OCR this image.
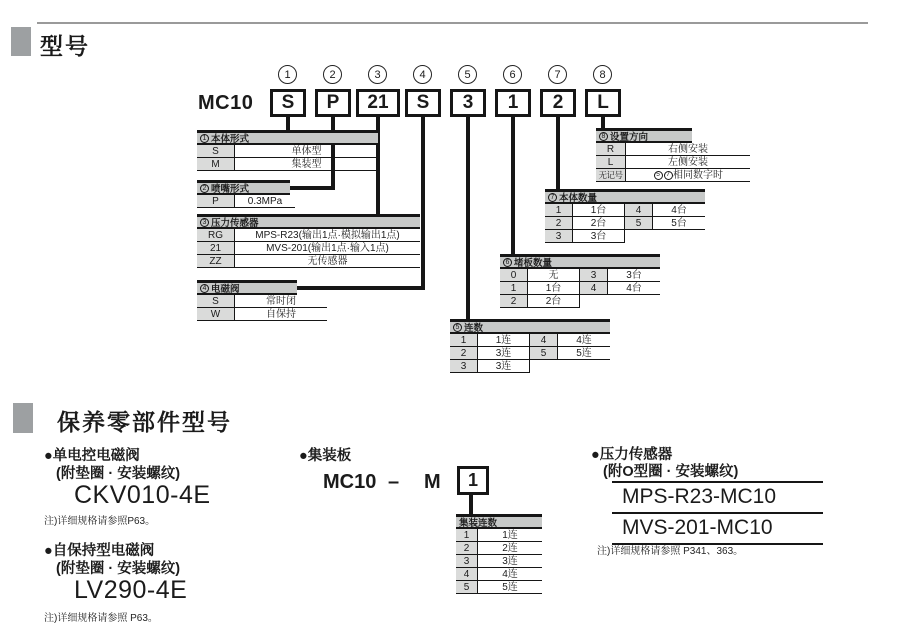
型号
MC10
1
S
2
P
3
21
4
S
5
3
6
1
7
2
8
L
保养零部件型号
●单电控电磁阀
(附垫圈 · 安装螺纹)
CKV010-4E
注)详细规格请参照P63。
●自保持型电磁阀
(附垫圈 · 安装螺纹)
LV290-4E
注)详细规格请参照 P63。
●集装板
MC10 – M	1
●压力传感器
(附O型圈 · 安装螺纹)
MPS-R23-MC10
MVS-201-MC10
注)详细规格请参照 P341、363。
1 本体形式
S	单体型
M	集装型
2 喷嘴形式
P	0.3MPa
3 压力传感器
RG	MPS-R23(输出1点·模拟输出1点)
21	MVS-201(输出1点·输入1点)
ZZ	无传感器
4 电磁阀
S	常时闭
W	自保持
5 连数
1	1连	4	4连
2	3连	5	5连
3	3连
6 堵板数量
0	无	3	3台
1	1台	4	4台
2	2台
7 本体数量
1	1台	4	4台
2	2台	5	5台
3	3台
8 设置方向
R	右侧安装
L	左侧安装
无记号	5 7 相同数字时
集装连数
1	1连
2	2连
3	3连
4	4连
5	5连
